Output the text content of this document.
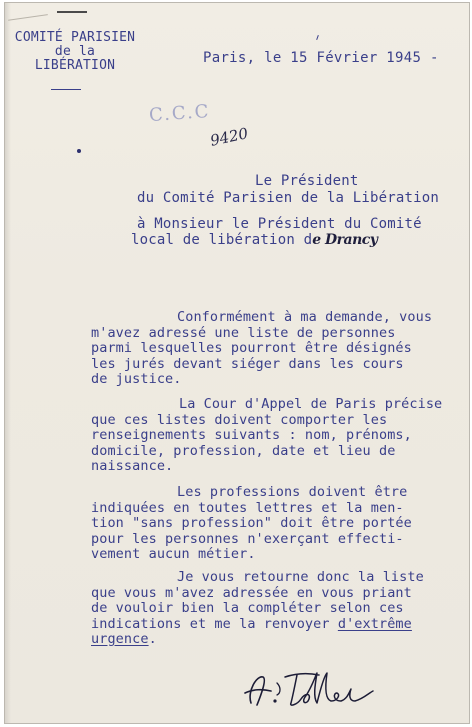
COMITÉ PARISIEN
de la
LIBÉRATION	Paris, le 15 Février 1945 -
C.C.C
9420
Le Président
du Comité Parisien de la Libération
à Monsieur le Président du Comité
local de libération de Drancy
Conformément à ma demande, vous
m'avez adressé une liste de personnes
parmi lesquelles pourront être désignés
les jurés devant siéger dans les cours
de justice.
La Cour d'Appel de Paris précise
que ces listes doivent comporter les
renseignements suivants : nom, prénoms,
domicile, profession, date et lieu de
naissance.
Les professions doivent être
indiquées en toutes lettres et la men-
tion "sans profession" doit être portée
pour les personnes n'exerçant effecti-
vement aucun métier.
Je vous retourne donc la liste
que vous m'avez adressée en vous priant
de vouloir bien la compléter selon ces
indications et me la renvoyer d'extrême
urgence.
